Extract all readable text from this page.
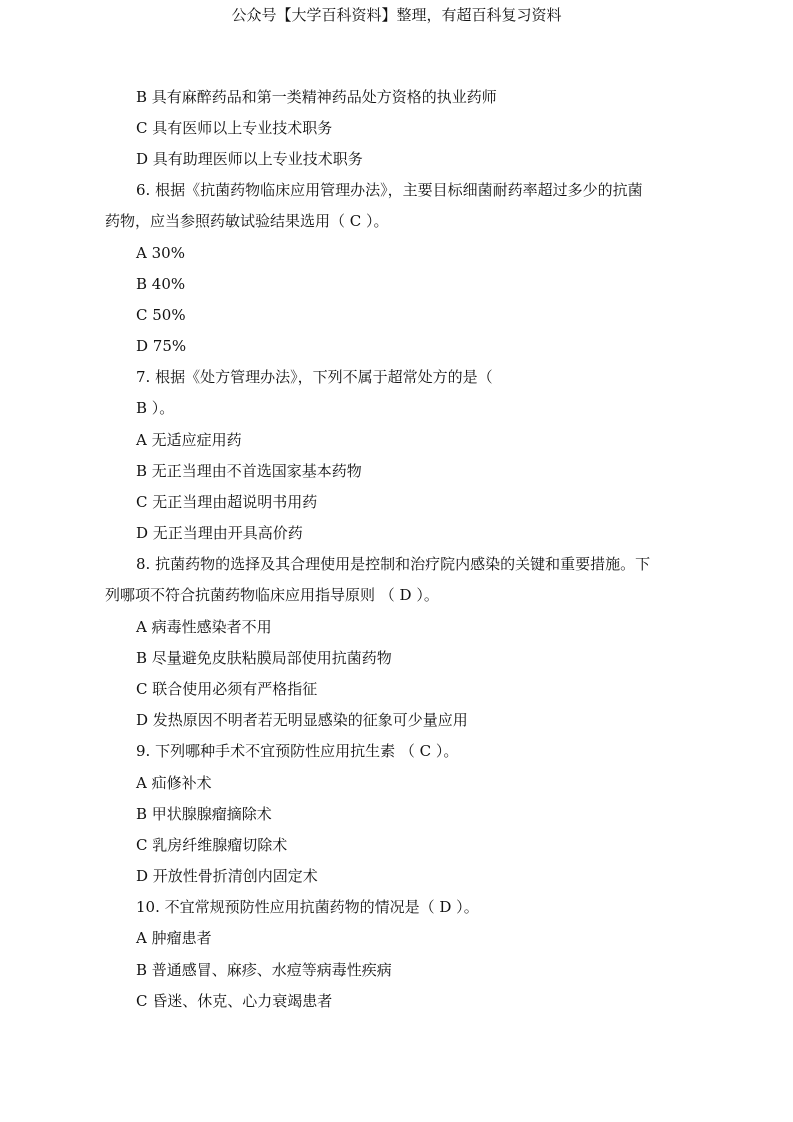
公众号【大学百科资料】整理，有超百科复习资料
B 具有麻醉药品和第一类精神药品处方资格的执业药师
C 具有医师以上专业技术职务
D 具有助理医师以上专业技术职务
6. 根据《抗菌药物临床应用管理办法》，主要目标细菌耐药率超过多少的抗菌
药物，应当参照药敏试验结果选用（ C ）。
A 30%
B 40%
C 50%
D 75%
7. 根据《处方管理办法》，下列不属于超常处方的是（
B ）。
A 无适应症用药
B 无正当理由不首选国家基本药物
C 无正当理由超说明书用药
D 无正当理由开具高价药
8. 抗菌药物的选择及其合理使用是控制和治疗院内感染的关键和重要措施。下
列哪项不符合抗菌药物临床应用指导原则 （ D ）。
A 病毒性感染者不用
B 尽量避免皮肤粘膜局部使用抗菌药物
C 联合使用必须有严格指征
D 发热原因不明者若无明显感染的征象可少量应用
9. 下列哪种手术不宜预防性应用抗生素 （ C ）。
A 疝修补术
B 甲状腺腺瘤摘除术
C 乳房纤维腺瘤切除术
D 开放性骨折清创内固定术
10. 不宜常规预防性应用抗菌药物的情况是（ D ）。
A 肿瘤患者
B 普通感冒、麻疹、水痘等病毒性疾病
C 昏迷、休克、心力衰竭患者
